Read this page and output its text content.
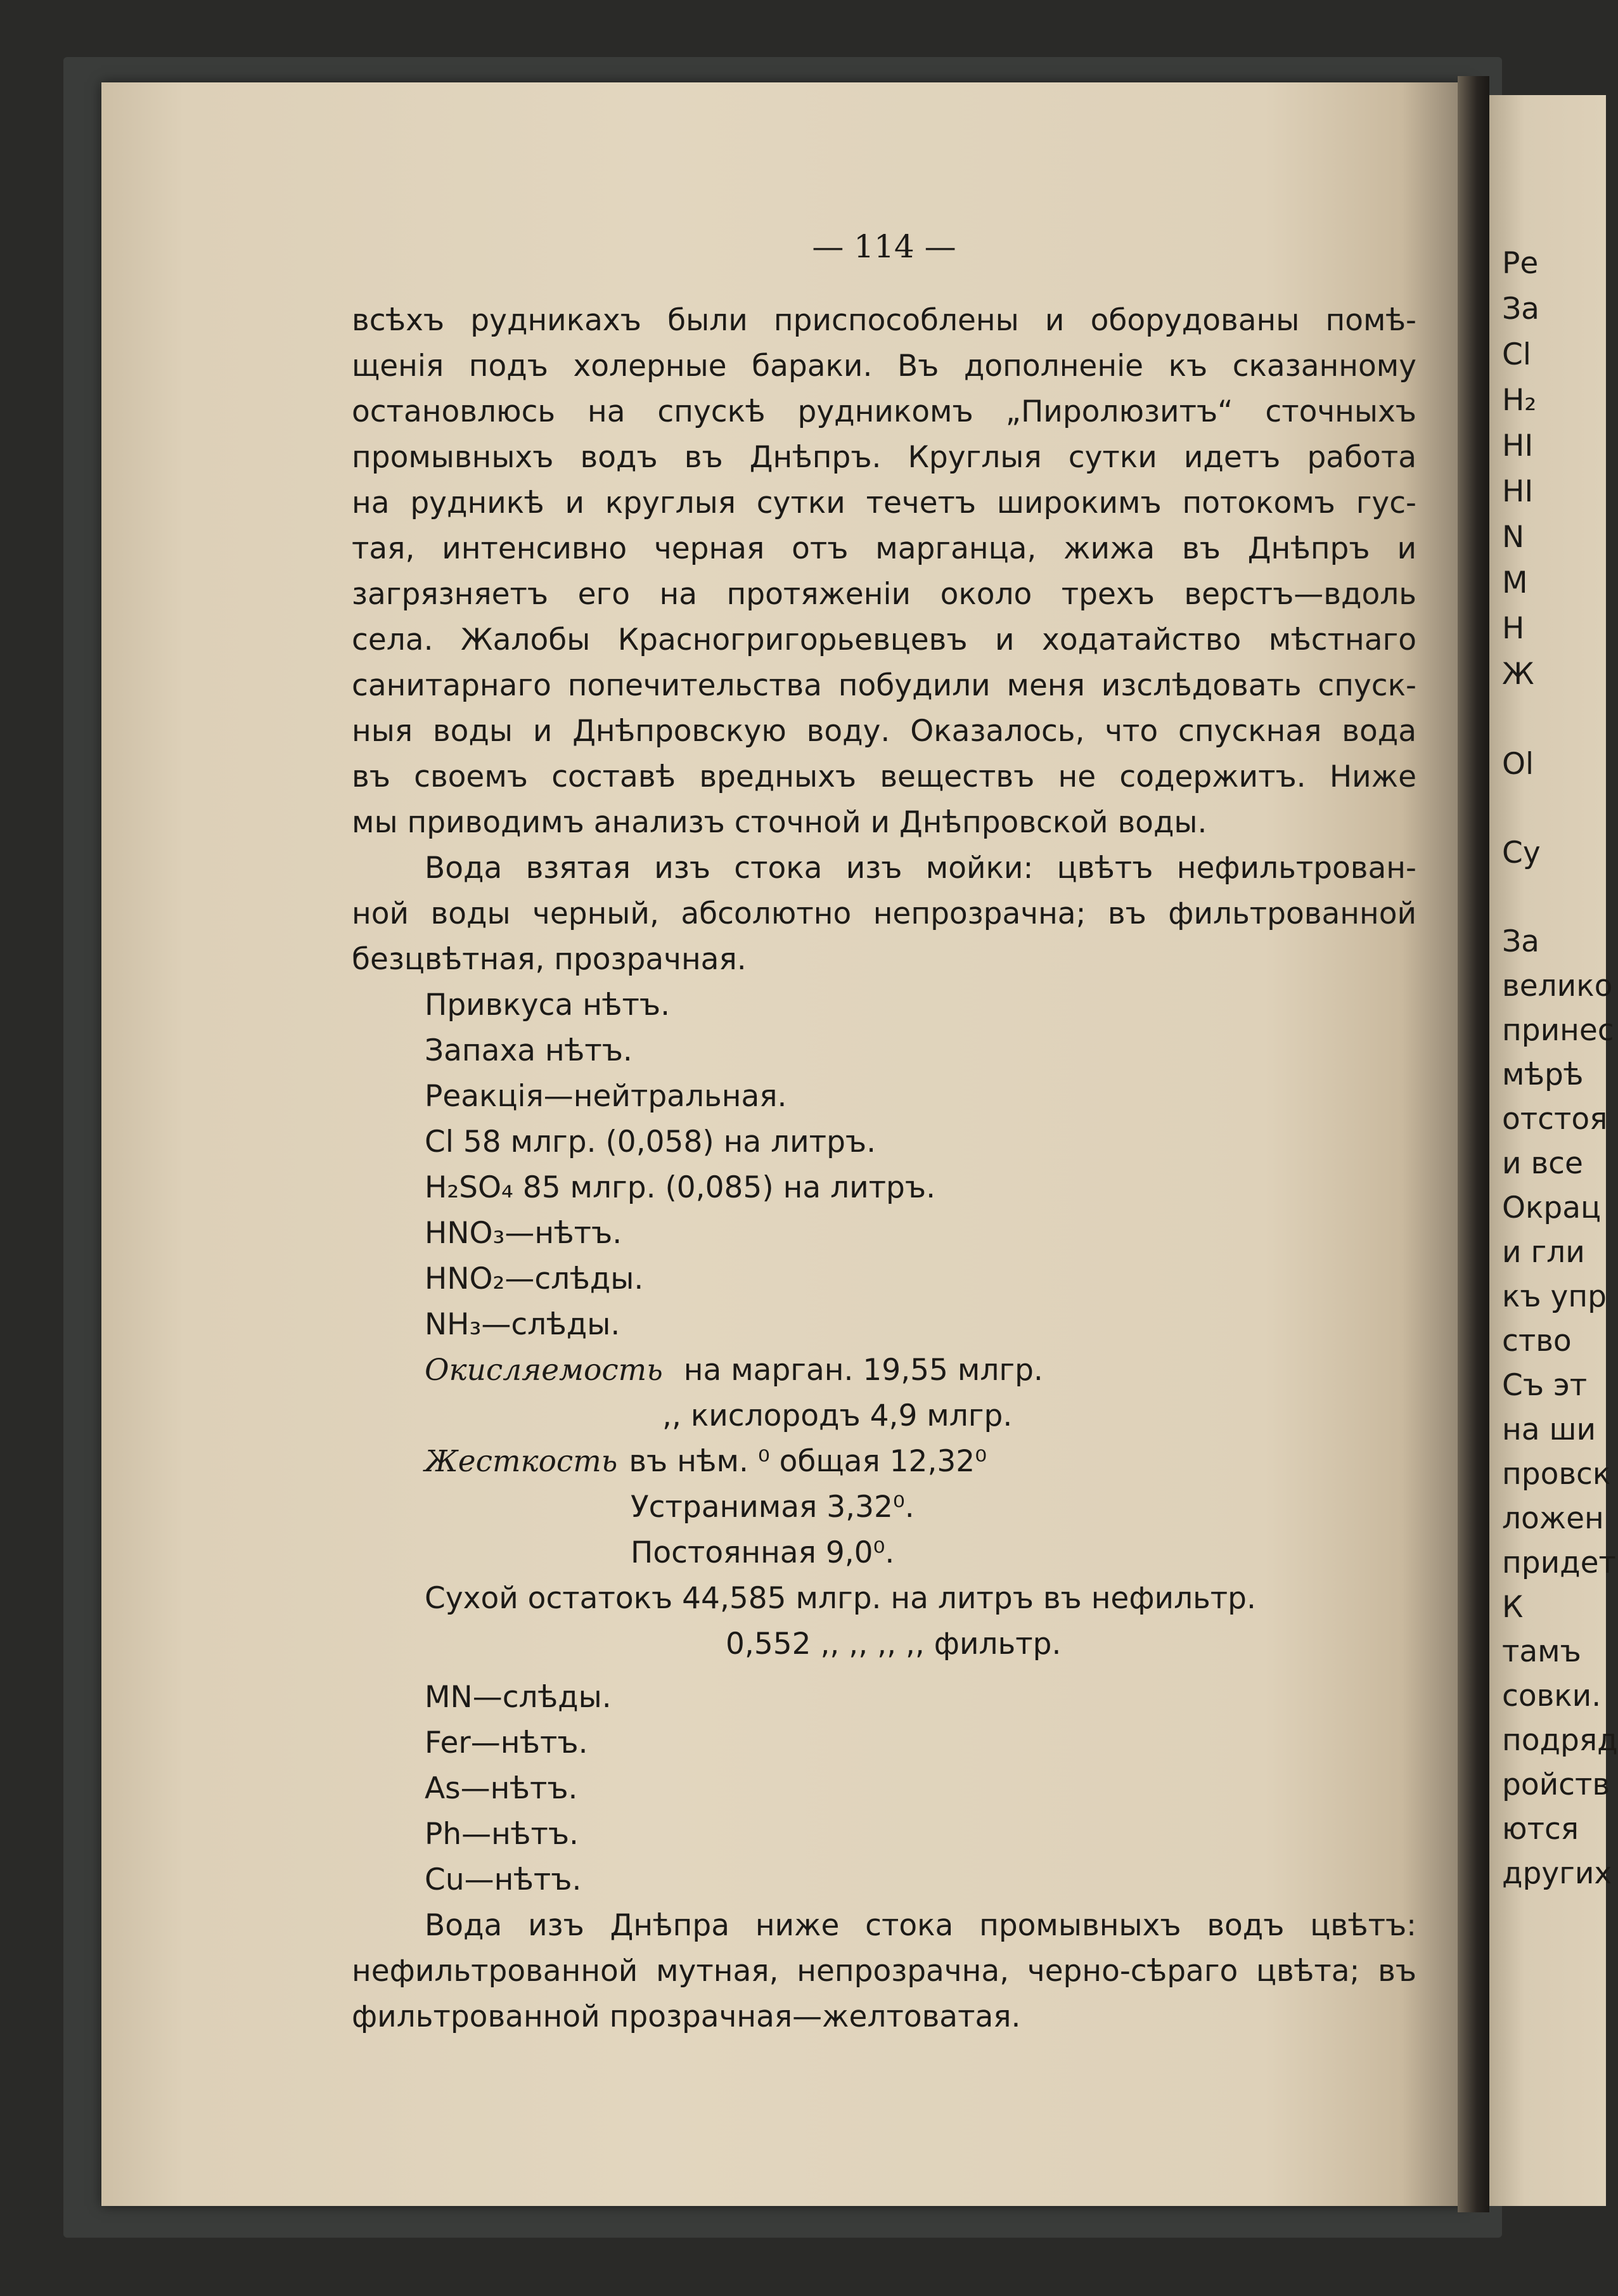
— 114 —
всѣхъ рудникахъ были приспособлены и оборудованы помѣ-
щенія подъ холерные бараки. Въ дополненіе къ сказанному
остановлюсь на спускѣ рудникомъ „Пиролюзитъ“ сточныхъ
промывныхъ водъ въ Днѣпръ. Круглыя сутки идетъ работа
на рудникѣ и круглыя сутки течетъ широкимъ потокомъ гус-
тая, интенсивно черная отъ марганца, жижа въ Днѣпръ и
загрязняетъ его на протяженіи около трехъ верстъ—вдоль
села. Жалобы Красногригорьевцевъ и ходатайство мѣстнаго
санитарнаго попечительства побудили меня изслѣдовать спуск-
ныя воды и Днѣпровскую воду. Оказалось, что спускная вода
въ своемъ составѣ вредныхъ веществъ не содержитъ. Ниже
мы приводимъ анализъ сточной и Днѣпровской воды.
Вода взятая изъ стока изъ мойки: цвѣтъ нефильтрован-
ной воды черный, абсолютно непрозрачна; въ фильтрованной
безцвѣтная, прозрачная.
Привкуса нѣтъ.
Запаха нѣтъ.
Реакція—нейтральная.
Cl 58 млгр. (0,058) на литръ.
H₂SO₄ 85 млгр. (0,085) на литръ.
HNO₃—нѣтъ.
HNO₂—слѣды.
NH₃—слѣды.
Окисляемость на марган. 19,55 млгр.
,, кислородъ 4,9 млгр.
Жесткость въ нѣм. ⁰ общая 12,32⁰
Устранимая 3,32⁰.
Постоянная 9,0⁰.
Сухой остатокъ 44,585 млгр. на литръ въ нефильтр.
0,552 ,, ,, ,, ,, фильтр.
MN—слѣды.
Fer—нѣтъ.
As—нѣтъ.
Ph—нѣтъ.
Cu—нѣтъ.
Вода изъ Днѣпра ниже стока промывныхъ водъ цвѣтъ:
нефильтрованной мутная, непрозрачна, черно-сѣраго цвѣта; въ
фильтрованной прозрачная—желтоватая.
Ре
За
Cl
H₂
HI
HI
N
M
H
Ж
Ol
Cy
За
велико
принес
мѣрѣ
отстоя
и все
Окрац
и гли
къ упр
ство
Съ эт
на ши
провск
ложен
придет
К
тамъ
совки.
подряд
ройств
ются
других
